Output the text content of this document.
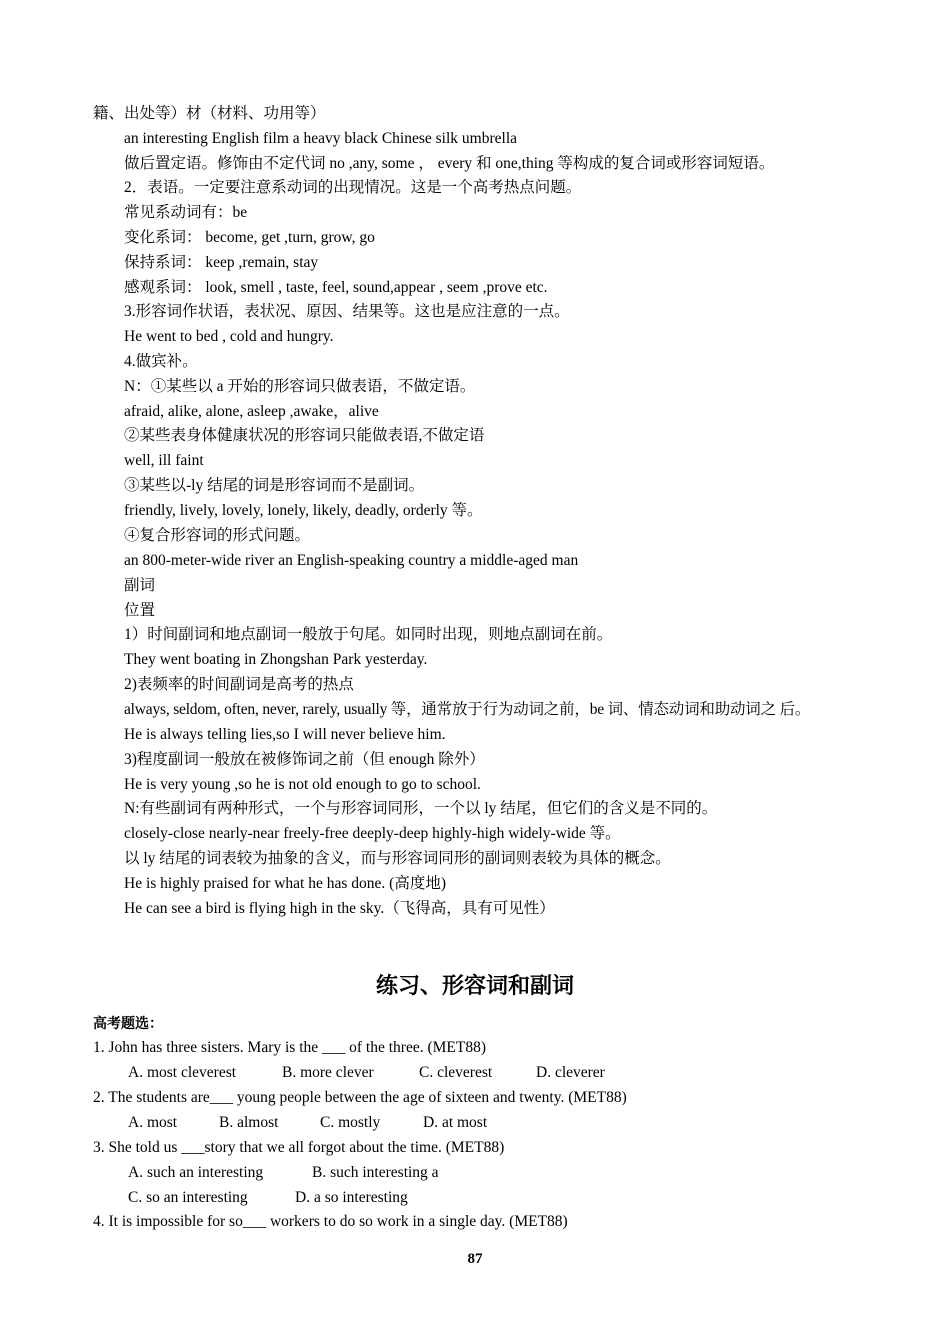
籍、出处等）材（材料、功用等）
an interesting English film a heavy black Chinese silk umbrella
做后置定语。修饰由不定代词 no ,any, some ， every 和 one,thing 等构成的复合词或形容词短语。
2．表语。一定要注意系动词的出现情况。这是一个高考热点问题。
常见系动词有：be
变化系词： become, get ,turn, grow, go
保持系词： keep ,remain, stay
感观系词： look, smell , taste, feel, sound,appear , seem ,prove etc.
3.形容词作状语，表状况、原因、结果等。这也是应注意的一点。
He went to bed , cold and hungry.
4.做宾补。
N：①某些以 a 开始的形容词只做表语，不做定语。
afraid, alike, alone, asleep ,awake，alive
②某些表身体健康状况的形容词只能做表语,不做定语
well, ill faint
③某些以-ly 结尾的词是形容词而不是副词。
friendly, lively, lovely, lonely, likely, deadly, orderly 等。
④复合形容词的形式问题。
an 800-meter-wide river an English-speaking country a middle-aged man
副词
位置
1）时间副词和地点副词一般放于句尾。如同时出现，则地点副词在前。
They went boating in Zhongshan Park yesterday.
2)表频率的时间副词是高考的热点
always, seldom, often, never, rarely, usually 等，通常放于行为动词之前，be 词、情态动词和助动词之 后。
He is always telling lies,so I will never believe him.
3)程度副词一般放在被修饰词之前（但 enough 除外）
He is very young ,so he is not old enough to go to school.
N:有些副词有两种形式，一个与形容词同形，一个以 ly 结尾，但它们的含义是不同的。
closely-close nearly-near freely-free deeply-deep highly-high widely-wide 等。
以 ly 结尾的词表较为抽象的含义，而与形容词同形的副词则表较为具体的概念。
He is highly praised for what he has done. (高度地)
He can see a bird is flying high in the sky.（飞得高，具有可见性）
练习、形容词和副词
高考题选：
1. John has three sisters. Mary is the ___ of the three. (MET88)
A. most cleverest	B. more clever	C. cleverest	D. cleverer
2. The students are___ young people between the age of sixteen and twenty. (MET88)
A. most	B. almost	C. mostly	D. at most
3. She told us ___story that we all forgot about the time. (MET88)
A. such an interesting	B. such interesting a
C. so an interesting	D. a so interesting
4. It is impossible for so___ workers to do so work in a single day. (MET88)
87
